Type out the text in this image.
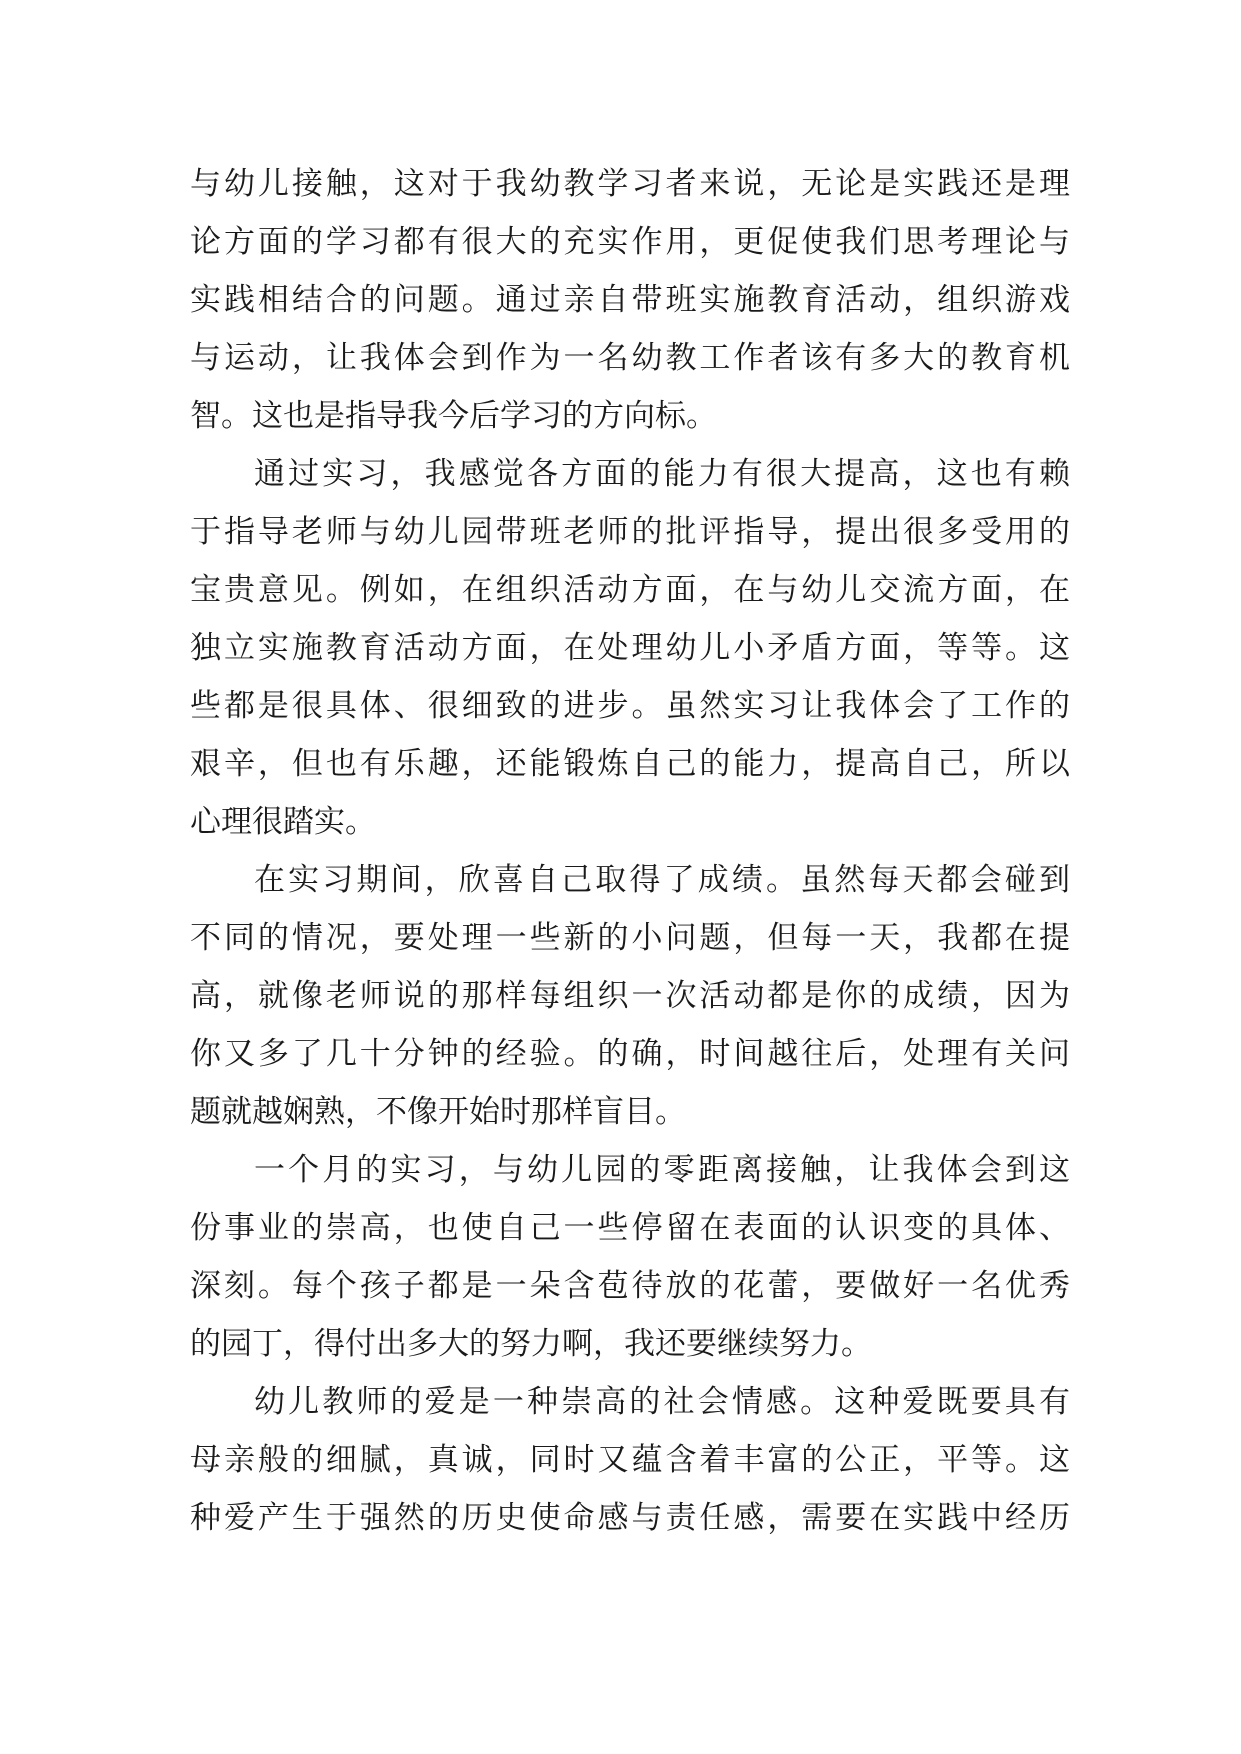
与幼儿接触，这对于我幼教学习者来说，无论是实践还是理
论方面的学习都有很大的充实作用，更促使我们思考理论与
实践相结合的问题。通过亲自带班实施教育活动，组织游戏
与运动，让我体会到作为一名幼教工作者该有多大的教育机
智。这也是指导我今后学习的方向标。
通过实习，我感觉各方面的能力有很大提高，这也有赖
于指导老师与幼儿园带班老师的批评指导，提出很多受用的
宝贵意见。例如，在组织活动方面，在与幼儿交流方面，在
独立实施教育活动方面，在处理幼儿小矛盾方面，等等。这
些都是很具体、很细致的进步。虽然实习让我体会了工作的
艰辛，但也有乐趣，还能锻炼自己的能力，提高自己，所以
心理很踏实。
在实习期间，欣喜自己取得了成绩。虽然每天都会碰到
不同的情况，要处理一些新的小问题，但每一天，我都在提
高，就像老师说的那样每组织一次活动都是你的成绩，因为
你又多了几十分钟的经验。的确，时间越往后，处理有关问
题就越娴熟，不像开始时那样盲目。
一个月的实习，与幼儿园的零距离接触，让我体会到这
份事业的崇高，也使自己一些停留在表面的认识变的具体、
深刻。每个孩子都是一朵含苞待放的花蕾，要做好一名优秀
的园丁，得付出多大的努力啊，我还要继续努力。
幼儿教师的爱是一种崇高的社会情感。这种爱既要具有
母亲般的细腻，真诚，同时又蕴含着丰富的公正，平等。这
种爱产生于强然的历史使命感与责任感，需要在实践中经历
